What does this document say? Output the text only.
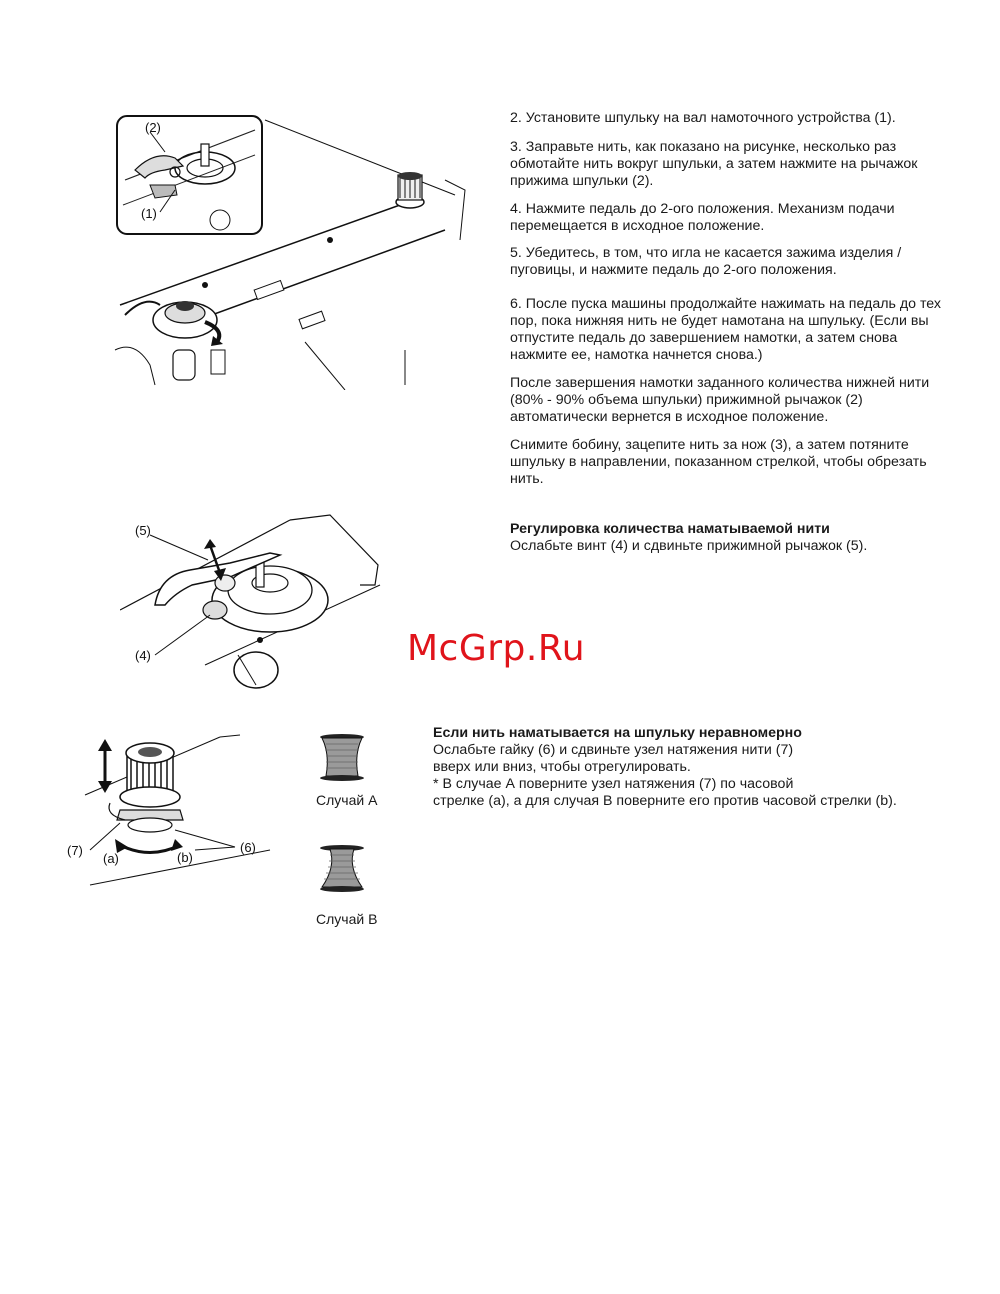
(2)
(1)

2. Установите шпульку на вал намоточного устройства (1).

3. Заправьте нить, как показано на рисунке, несколько раз обмотайте нить вокруг шпульки, а затем нажмите на рычажок прижима шпульки (2).

4. Нажмите педаль до 2-ого положения. Механизм подачи перемещается в исходное положение.

5. Убедитесь, в том, что игла не касается зажима изделия / пуговицы, и нажмите педаль до 2-ого положения.

6. После пуска машины продолжайте нажимать на педаль до тех пор, пока нижняя нить не будет намотана на шпульку. (Если вы отпустите педаль до завершением намотки, а затем снова нажмите ее, намотка начнется снова.)

После завершения намотки заданного количества нижней нити (80% - 90% объема шпульки) прижимной рычажок (2) автоматически вернется в исходное положение.

Снимите бобину, зацепите нить за нож (3), а затем потяните шпульку в направлении, показанном стрелкой, чтобы обрезать нить.

(5)
(4)

Регулировка количества наматываемой нити

Ослабьте винт (4) и сдвиньте прижимной рычажок (5).

McGrp.Ru
(7)
(a)	(b)
(6)
Случай А
Случай В

Если нить наматывается на шпульку неравномерно

Ослабьте гайку (6) и сдвиньте узел натяжения нити (7)

вверх или вниз, чтобы отрегулировать.

* В случае А поверните узел натяжения (7) по часовой

стрелке (а), а для случая В поверните его против часовой стрелки (b).
